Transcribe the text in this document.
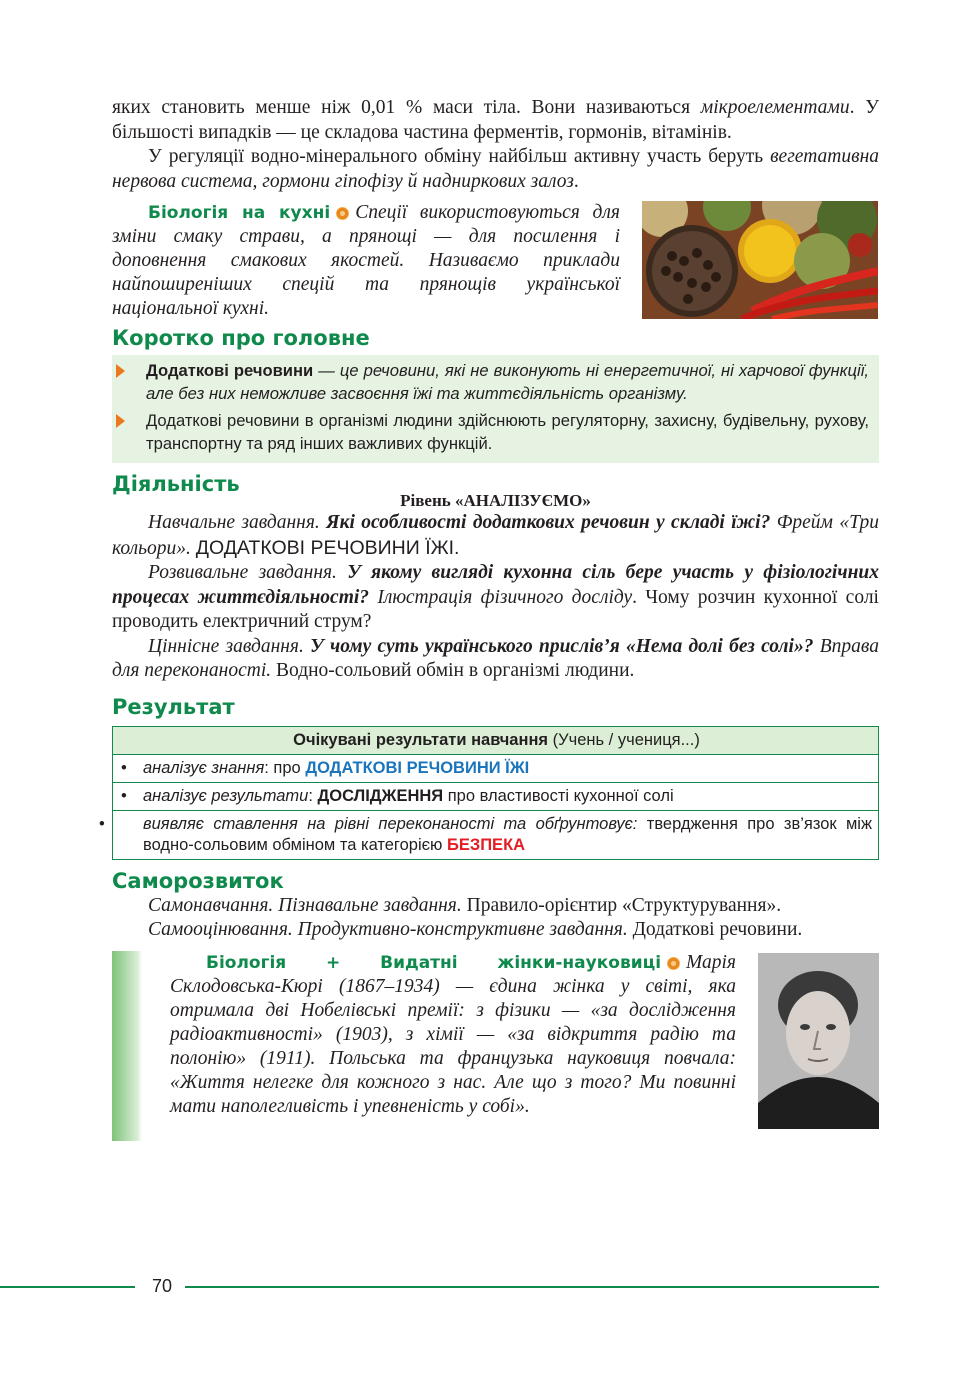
яких становить менше ніж 0,01 % маси тіла. Вони називаються мікроелементами. У більшості випадків — це складова частина ферментів, гормонів, вітамінів.

У регуляції водно-мінерального обміну найбільш активну участь беруть вегетативна нервова система, гормони гіпофізу й надниркових залоз.

Біологія на кухні Спеції використовуються для зміни смаку страви, а прянощі — для посилення і доповнення смакових якостей. Називаємо приклади найпоширеніших спецій та прянощів української національної кухні.

Коротко про головне
Додаткові речовини — це речовини, які не виконують ні енергетичної, ні харчової функції, але без них неможливе засвоєння їжі та життєдіяльність організму.
Додаткові речовини в організмі людини здійснюють регуляторну, захисну, будівельну, рухову, транспортну та ряд інших важливих функцій.
Діяльність
Рівень «АНАЛІЗУЄМО»

Навчальне завдання. Які особливості додаткових речовин у складі їжі? Фрейм «Три кольори». ДОДАТКОВІ РЕЧОВИНИ ЇЖІ.

Розвивальне завдання. У якому вигляді кухонна сіль бере участь у фізіологічних процесах життєдіяльності? Ілюстрація фізичного досліду. Чому розчин кухонної солі проводить електричний струм?

Ціннісне завдання. У чому суть українського прислів’я «Нема долі без солі»? Вправа для переконаності. Водно-сольовий обмін в організмі людини.

Результат
Очікувані результати навчання (Учень / учениця...)
• аналізує знання: про ДОДАТКОВІ РЕЧОВИНИ ЇЖІ
• аналізує результати: ДОСЛІДЖЕННЯ про властивості кухонної солі
• виявляє ставлення на рівні переконаності та обґрунтовує: твердження про зв’язок між водно-сольовим обміном та категорією БЕЗПЕКА
Саморозвиток

Самонавчання. Пізнавальне завдання. Правило-орієнтир «Структурування».

Самооцінювання. Продуктивно-конструктивне завдання. Додаткові речовини.

Біологія + Видатні жінки-науковиці Марія Склодовська-Кюрі (1867–1934) — єдина жінка у світі, яка отримала дві Нобелівські премії: з фізики — «за дослідження радіоактивності» (1903), з хімії — «за відкриття радію та полонію» (1911). Польська та французька науковиця повчала: «Життя нелегке для кожного з нас. Але що з того? Ми повинні мати наполегливість і упевненість у собі».

70
